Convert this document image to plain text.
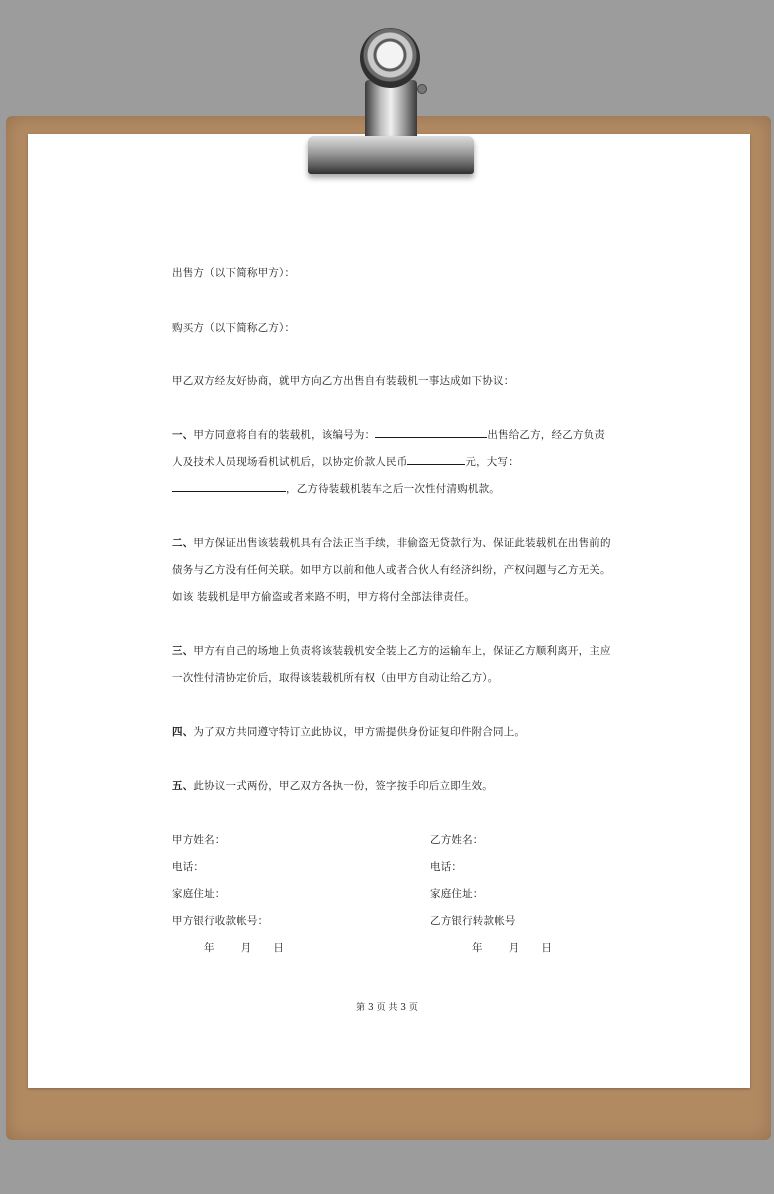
出售方（以下简称甲方）：
购买方（以下简称乙方）：
甲乙双方经友好协商，就甲方向乙方出售自有装载机一事达成如下协议：
一、甲方同意将自有的装载机，该编号为：	出售给乙方，经乙方负责
人及技术人员现场看机试机后，以协定价款人民币	元，大写：
，乙方待装载机装车之后一次性付清购机款。
二、甲方保证出售该装载机具有合法正当手续，非偷盗无贷款行为、保证此装载机在出售前的
债务与乙方没有任何关联。如甲方以前和他人或者合伙人有经济纠纷，产权问题与乙方无关。
如该 装载机是甲方偷盗或者来路不明，甲方将付全部法律责任。
三、甲方有自己的场地上负责将该装载机安全装上乙方的运输车上，保证乙方顺利离开，主应
一次性付清协定价后，取得该装载机所有权（由甲方自动让给乙方）。
四、为了双方共同遵守特订立此协议，甲方需提供身份证复印件附合同上。
五、此协议一式两份，甲乙双方各执一份，签字按手印后立即生效。
甲方姓名：
电话：
家庭住址：
甲方银行收款帐号：
年 月 日
乙方姓名：
电话：
家庭住址：
乙方银行转款帐号
年 月 日
第 3 页 共 3 页
